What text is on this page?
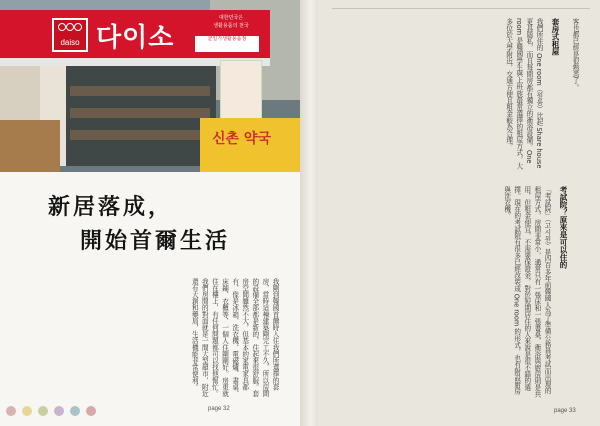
daiso 다이소
대한민국은
생활용품의 천국
균일가생활용품점
신촌 약국
新居落成，
開始首爾生活
我剛到韓國首爾時入住我們所選擇的套房，當時這棟建築剛完工不久，所以房間的設備全部都是新的，住起來很舒服。套房空間雖然不大，但基本的家電家具都有，像是冰箱、洗衣機、電磁爐、書桌、床鋪、衣櫃等，一個人住剛剛好。房東就住在樓上，有任何問題都可以找他幫忙。我們房間的對面就是一間大型超市，附近還有大創和藥局，生活機能非常便利。
page 32
客也都已經是很熟悉了。
套房式租屋
我們所住的 One room（원룸）比起 Share house 更具隱私，而且每間房都有獨立的衛浴設備。One room 是韓國學生與上班族最常選擇的租屋方式，大多位於大學附近，交通方便且租金較為合理。
考試院？原來是可以住的
「考試院」（고시원）是四百多年前韓國人為了準備公務員考試而出現的租屋方式，房間非常小，通常只有一張床和一張書桌，衛浴與廚房則是共用，但租金便宜，不需要保證金，對於短期居住的人來說是很不錯的選擇。現在的考試院有很多已經改裝成 One room 的形式，也有附設廚房與洗衣機。
page 33
